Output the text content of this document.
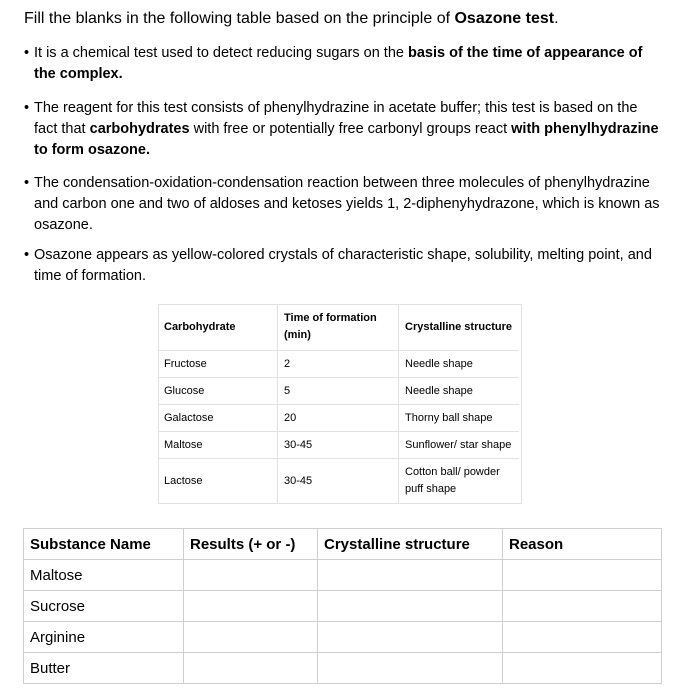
Fill the blanks in the following table based on the principle of Osazone test.
• It is a chemical test used to detect reducing sugars on the basis of the time of appearance of the complex.
• The reagent for this test consists of phenylhydrazine in acetate buffer; this test is based on the fact that carbohydrates with free or potentially free carbonyl groups react with phenylhydrazine to form osazone.
• The condensation-oxidation-condensation reaction between three molecules of phenylhydrazine and carbon one and two of aldoses and ketoses yields 1, 2-diphenyhydrazone, which is known as osazone.
• Osazone appears as yellow-colored crystals of characteristic shape, solubility, melting point, and time of formation.
Carbohydrate	Time of formation (min)	Crystalline structure
Fructose	2	Needle shape
Glucose	5	Needle shape
Galactose	20	Thorny ball shape
Maltose	30-45	Sunflower/ star shape
Lactose	30-45	Cotton ball/ powder puff shape
Substance Name	Results (+ or -)	Crystalline structure	Reason
Maltose			
Sucrose			
Arginine			
Butter			
